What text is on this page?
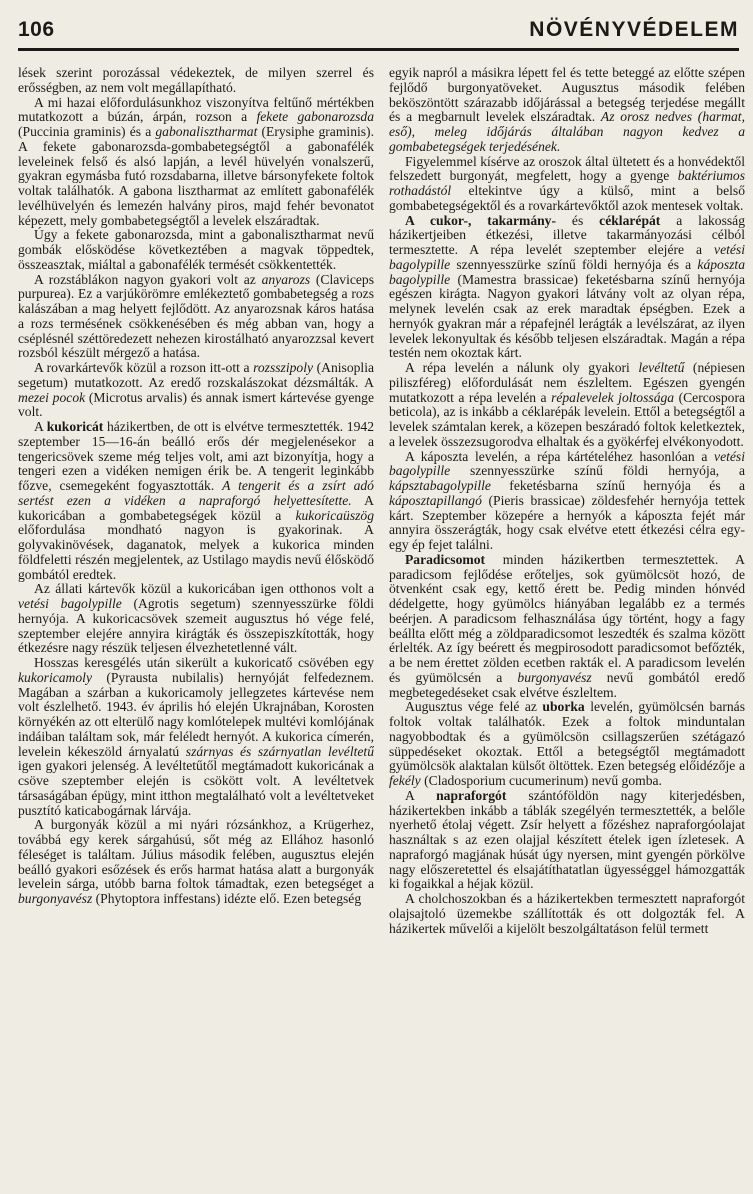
106	NÖVÉNYVÉDELEM

lések szerint porozással védekeztek, de milyen szerrel és erősségben, az nem volt megállapítható.

A mi hazai előfordulásunkhoz viszonyítva feltűnő mértékben mutatkozott a búzán, árpán, rozson a fekete gabonarozsda (Puccinia graminis) és a gabonalisztharmat (Erysiphe graminis). A fekete gabonarozsda-gombabetegségtől a gabonafélék leveleinek felső és alsó lapján, a levél hüvelyén vonalszerű, gyakran egymásba futó rozsdabarna, illetve bársonyfekete foltok voltak találhatók. A gabona lisztharmat az említett gabonafélék levélhüvelyén és lemezén halvány piros, majd fehér bevonatot képezett, mely gombabetegségtől a levelek elszáradtak.

Úgy a fekete gabonarozsda, mint a gabonalisztharmat nevű gombák elősködése következtében a magvak töppedtek, összeasztak, miáltal a gabonafélék termését csökkentették.

A rozstáblákon nagyon gyakori volt az anyarozs (Claviceps purpurea). Ez a varjúkörömre emlékeztető gombabetegség a rozs kalászában a mag helyett fejlődött. Az anyarozsnak káros hatása a rozs termésének csökkenésében és még abban van, hogy a cséplésnél széttöredezett nehezen kirostálható anyarozzsal kevert rozsból készült mérgező a hatása.

A rovarkártevők közül a rozson itt-ott a rozsszipoly (Anisoplia segetum) mutatkozott. Az eredő rozskalászokat dézsmálták. A mezei pocok (Microtus arvalis) és annak ismert kártevése gyenge volt.

A kukoricát házikertben, de ott is elvétve termesztették. 1942 szeptember 15—16-án beálló erős dér megjelenésekor a tengericsövek szeme még teljes volt, ami azt bizonyítja, hogy a tengeri ezen a vidéken nemigen érik be. A tengerit leginkább főzve, csemegeként fogyasztották. A tengerit és a zsírt adó sertést ezen a vidéken a napraforgó helyettesítette. A kukoricában a gombabetegségek közül a kukoricaüszög előfordulása mondható nagyon is gyakorinak. A golyvakinövések, daganatok, melyek a kukorica minden földfeletti részén megjelentek, az Ustilago maydis nevű élősködő gombától eredtek.

Az állati kártevők közül a kukoricában igen otthonos volt a vetési bagolypille (Agrotis segetum) szennyesszürke földi hernyója. A kukoricacsövek szemeit augusztus hó vége felé, szeptember elejére annyira kirágták és összepiszkították, hogy étkezésre nagy részük teljesen élvezhetetlenné vált.

Hosszas keresgélés után sikerült a kukoricatő csövében egy kukoricamoly (Pyrausta nubilalis) hernyóját felfedeznem. Magában a szárban a kukoricamoly jellegzetes kártevése nem volt észlelhető. 1943. év április hó elején Ukrajnában, Korosten környékén az ott elterülő nagy komlótelepek multévi komlójának indáiban találtam sok, már feléledt hernyót. A kukorica címerén, levelein kékeszöld árnyalatú szárnyas és szárnyatlan levéltetű igen gyakori jelenség. A levéltetűtől megtámadott kukoricának a csöve szeptember elején is csökött volt. A levéltetvek társaságában épügy, mint itthon megtalálható volt a levéltetveket pusztító katicabogárnak lárvája.

A burgonyák közül a mi nyári rózsánkhoz, a Krügerhez, továbbá egy kerek sárgahúsú, sőt még az Ellához hasonló féleséget is találtam. Július második felében, augusztus elején beálló gyakori esőzések és erős harmat hatása alatt a burgonyák levelein sárga, utóbb barna foltok támadtak, ezen betegséget a burgonyavész (Phytoptora inffestans) idézte elő. Ezen betegség

egyik napról a másikra lépett fel és tette beteggé az előtte szépen fejlődő burgonyatöveket. Augusztus második felében beköszöntött szárazabb időjárással a betegség terjedése megállt és a megbarnult levelek elszáradtak. Az orosz nedves (harmat, eső), meleg időjárás általában nagyon kedvez a gombabetegségek terjedésének.

Figyelemmel kísérve az oroszok által ültetett és a honvédektől felszedett burgonyát, megfelett, hogy a gyenge baktériumos rothadástól eltekintve úgy a külső, mint a belső gombabetegségektől és a rovarkártevőktől azok mentesek voltak.

A cukor-, takarmány- és céklarépát a lakosság házikertjeiben étkezési, illetve takarmányozási célból termesztette. A répa levelét szeptember elejére a vetési bagolypille szennyesszürke színű földi hernyója és a káposzta bagolypille (Mamestra brassicae) feketésbarna színű hernyója egészen kirágta. Nagyon gyakori látvány volt az olyan répa, melynek levelén csak az erek maradtak épségben. Ezek a hernyók gyakran már a répafejnél lerágták a levélszárat, az ilyen levelek lekonyultak és később teljesen elszáradtak. Magán a répa testén nem okoztak kárt.

A répa levelén a nálunk oly gyakori levéltetű (népiesen piliszféreg) előfordulását nem észleltem. Egészen gyengén mutatkozott a répa levelén a répalevelek joltossága (Cercospora beticola), az is inkább a céklarépák levelein. Ettől a betegségtől a levelek számtalan kerek, a közepen beszáradó foltok keletkeztek, a levelek összezsugorodva elhaltak és a gyökérfej elvékonyodott.

A káposzta levelén, a répa kártételéhez hasonlóan a vetési bagolypille szennyesszürke színű földi hernyója, a kápsztabagolypille feketésbarna színű hernyója és a káposztapillangó (Pieris brassicae) zöldesfehér hernyója tettek kárt. Szeptember közepére a hernyók a káposzta fejét már annyira összerágták, hogy csak elvétve etett étkezési célra egy-egy ép fejet találni.

Paradicsomot minden házikertben termesztettek. A paradicsom fejlődése erőteljes, sok gyümölcsöt hozó, de ötvenként csak egy, kettő érett be. Pedig minden hónvéd dédelgette, hogy gyümölcs hiányában legalább ez a termés beérjen. A paradicsom felhasználása úgy történt, hogy a fagy beállta előtt még a zöldparadicsomot leszedték és szalma között érlelték. Az így beérett és megpirosodott paradicsomot befőzték, a be nem érettet zölden ecetben rakták el. A paradicsom levelén és gyümölcsén a burgonyavész nevű gombától eredő megbetegedéseket csak elvétve észleltem.

Augusztus vége felé az uborka levelén, gyümölcsén barnás foltok voltak találhatók. Ezek a foltok minduntalan nagyobbodtak és a gyümölcsön csillagszerűen szétágazó süppedéseket okoztak. Ettől a betegségtől megtámadott gyümölcsök alaktalan külsőt öltöttek. Ezen betegség előidézője a fekély (Cladosporium cucumerinum) nevű gomba.

A napraforgót szántóföldön nagy kiterjedésben, házikertekben inkább a táblák szegélyén termesztették, a belőle nyerhető étolaj végett. Zsír helyett a főzéshez napraforgóolajat használtak s az ezen olajjal készített ételek igen ízletesek. A napraforgó magjának húsát úgy nyersen, mint gyengén pörkölve nagy előszeretettel és elsajátíthatatlan ügyességgel hámozgatták ki fogaikkal a héjak közül.

A cholchoszokban és a házikertekben termesztett napraforgót olajsajtoló üzemekbe szállították és ott dolgozták fel. A házikertek művelői a kijelölt beszolgáltatáson felül termett
